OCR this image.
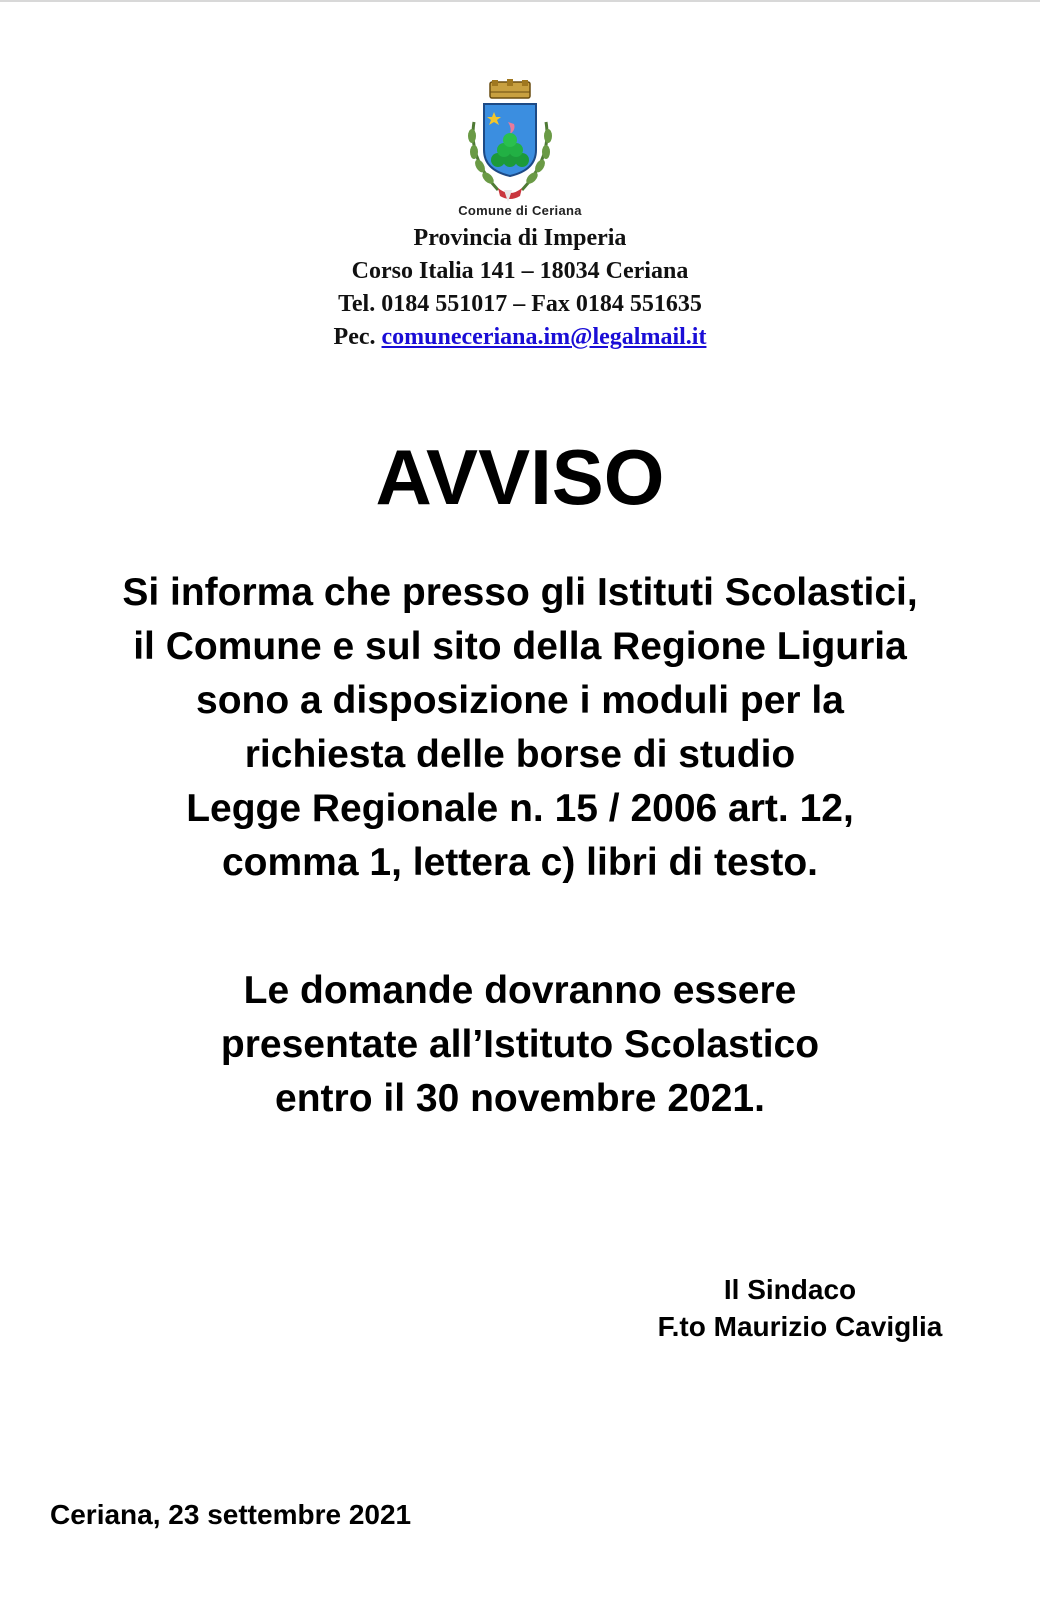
Comune di Ceriana
Provincia di Imperia
Corso Italia 141 – 18034 Ceriana
Tel. 0184 551017 – Fax 0184 551635
Pec. comuneceriana.im@legalmail.it
AVVISO
Si informa che presso gli Istituti Scolastici,
il Comune e sul sito della Regione Liguria
sono a disposizione i moduli per la
richiesta delle borse di studio
Legge Regionale n. 15 / 2006 art. 12,
comma 1, lettera c) libri di testo.
Le domande dovranno essere
presentate all’Istituto Scolastico
entro il 30 novembre 2021.
Il Sindaco
F.to Maurizio Caviglia
Ceriana, 23 settembre 2021
